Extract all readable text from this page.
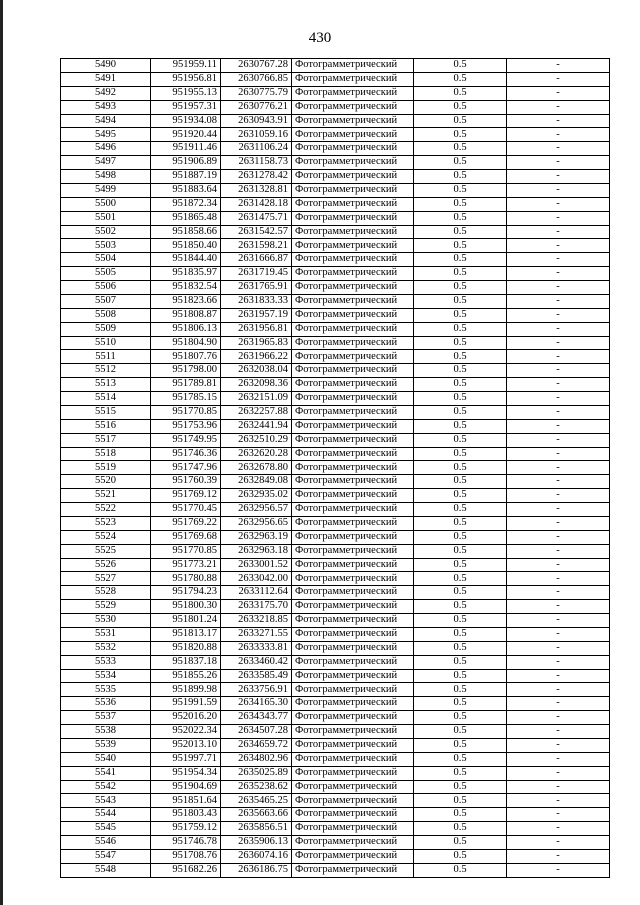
430
5490	951959.11	2630767.28	Фотограмметрический	0.5	-
5491	951956.81	2630766.85	Фотограмметрический	0.5	-
5492	951955.13	2630775.79	Фотограмметрический	0.5	-
5493	951957.31	2630776.21	Фотограмметрический	0.5	-
5494	951934.08	2630943.91	Фотограмметрический	0.5	-
5495	951920.44	2631059.16	Фотограмметрический	0.5	-
5496	951911.46	2631106.24	Фотограмметрический	0.5	-
5497	951906.89	2631158.73	Фотограмметрический	0.5	-
5498	951887.19	2631278.42	Фотограмметрический	0.5	-
5499	951883.64	2631328.81	Фотограмметрический	0.5	-
5500	951872.34	2631428.18	Фотограмметрический	0.5	-
5501	951865.48	2631475.71	Фотограмметрический	0.5	-
5502	951858.66	2631542.57	Фотограмметрический	0.5	-
5503	951850.40	2631598.21	Фотограмметрический	0.5	-
5504	951844.40	2631666.87	Фотограмметрический	0.5	-
5505	951835.97	2631719.45	Фотограмметрический	0.5	-
5506	951832.54	2631765.91	Фотограмметрический	0.5	-
5507	951823.66	2631833.33	Фотограмметрический	0.5	-
5508	951808.87	2631957.19	Фотограмметрический	0.5	-
5509	951806.13	2631956.81	Фотограмметрический	0.5	-
5510	951804.90	2631965.83	Фотограмметрический	0.5	-
5511	951807.76	2631966.22	Фотограмметрический	0.5	-
5512	951798.00	2632038.04	Фотограмметрический	0.5	-
5513	951789.81	2632098.36	Фотограмметрический	0.5	-
5514	951785.15	2632151.09	Фотограмметрический	0.5	-
5515	951770.85	2632257.88	Фотограмметрический	0.5	-
5516	951753.96	2632441.94	Фотограмметрический	0.5	-
5517	951749.95	2632510.29	Фотограмметрический	0.5	-
5518	951746.36	2632620.28	Фотограмметрический	0.5	-
5519	951747.96	2632678.80	Фотограмметрический	0.5	-
5520	951760.39	2632849.08	Фотограмметрический	0.5	-
5521	951769.12	2632935.02	Фотограмметрический	0.5	-
5522	951770.45	2632956.57	Фотограмметрический	0.5	-
5523	951769.22	2632956.65	Фотограмметрический	0.5	-
5524	951769.68	2632963.19	Фотограмметрический	0.5	-
5525	951770.85	2632963.18	Фотограмметрический	0.5	-
5526	951773.21	2633001.52	Фотограмметрический	0.5	-
5527	951780.88	2633042.00	Фотограмметрический	0.5	-
5528	951794.23	2633112.64	Фотограмметрический	0.5	-
5529	951800.30	2633175.70	Фотограмметрический	0.5	-
5530	951801.24	2633218.85	Фотограмметрический	0.5	-
5531	951813.17	2633271.55	Фотограмметрический	0.5	-
5532	951820.88	2633333.81	Фотограмметрический	0.5	-
5533	951837.18	2633460.42	Фотограмметрический	0.5	-
5534	951855.26	2633585.49	Фотограмметрический	0.5	-
5535	951899.98	2633756.91	Фотограмметрический	0.5	-
5536	951991.59	2634165.30	Фотограмметрический	0.5	-
5537	952016.20	2634343.77	Фотограмметрический	0.5	-
5538	952022.34	2634507.28	Фотограмметрический	0.5	-
5539	952013.10	2634659.72	Фотограмметрический	0.5	-
5540	951997.71	2634802.96	Фотограмметрический	0.5	-
5541	951954.34	2635025.89	Фотограмметрический	0.5	-
5542	951904.69	2635238.62	Фотограмметрический	0.5	-
5543	951851.64	2635465.25	Фотограмметрический	0.5	-
5544	951803.43	2635663.66	Фотограмметрический	0.5	-
5545	951759.12	2635856.51	Фотограмметрический	0.5	-
5546	951746.78	2635906.13	Фотограмметрический	0.5	-
5547	951708.76	2636074.16	Фотограмметрический	0.5	-
5548	951682.26	2636186.75	Фотограмметрический	0.5	-
